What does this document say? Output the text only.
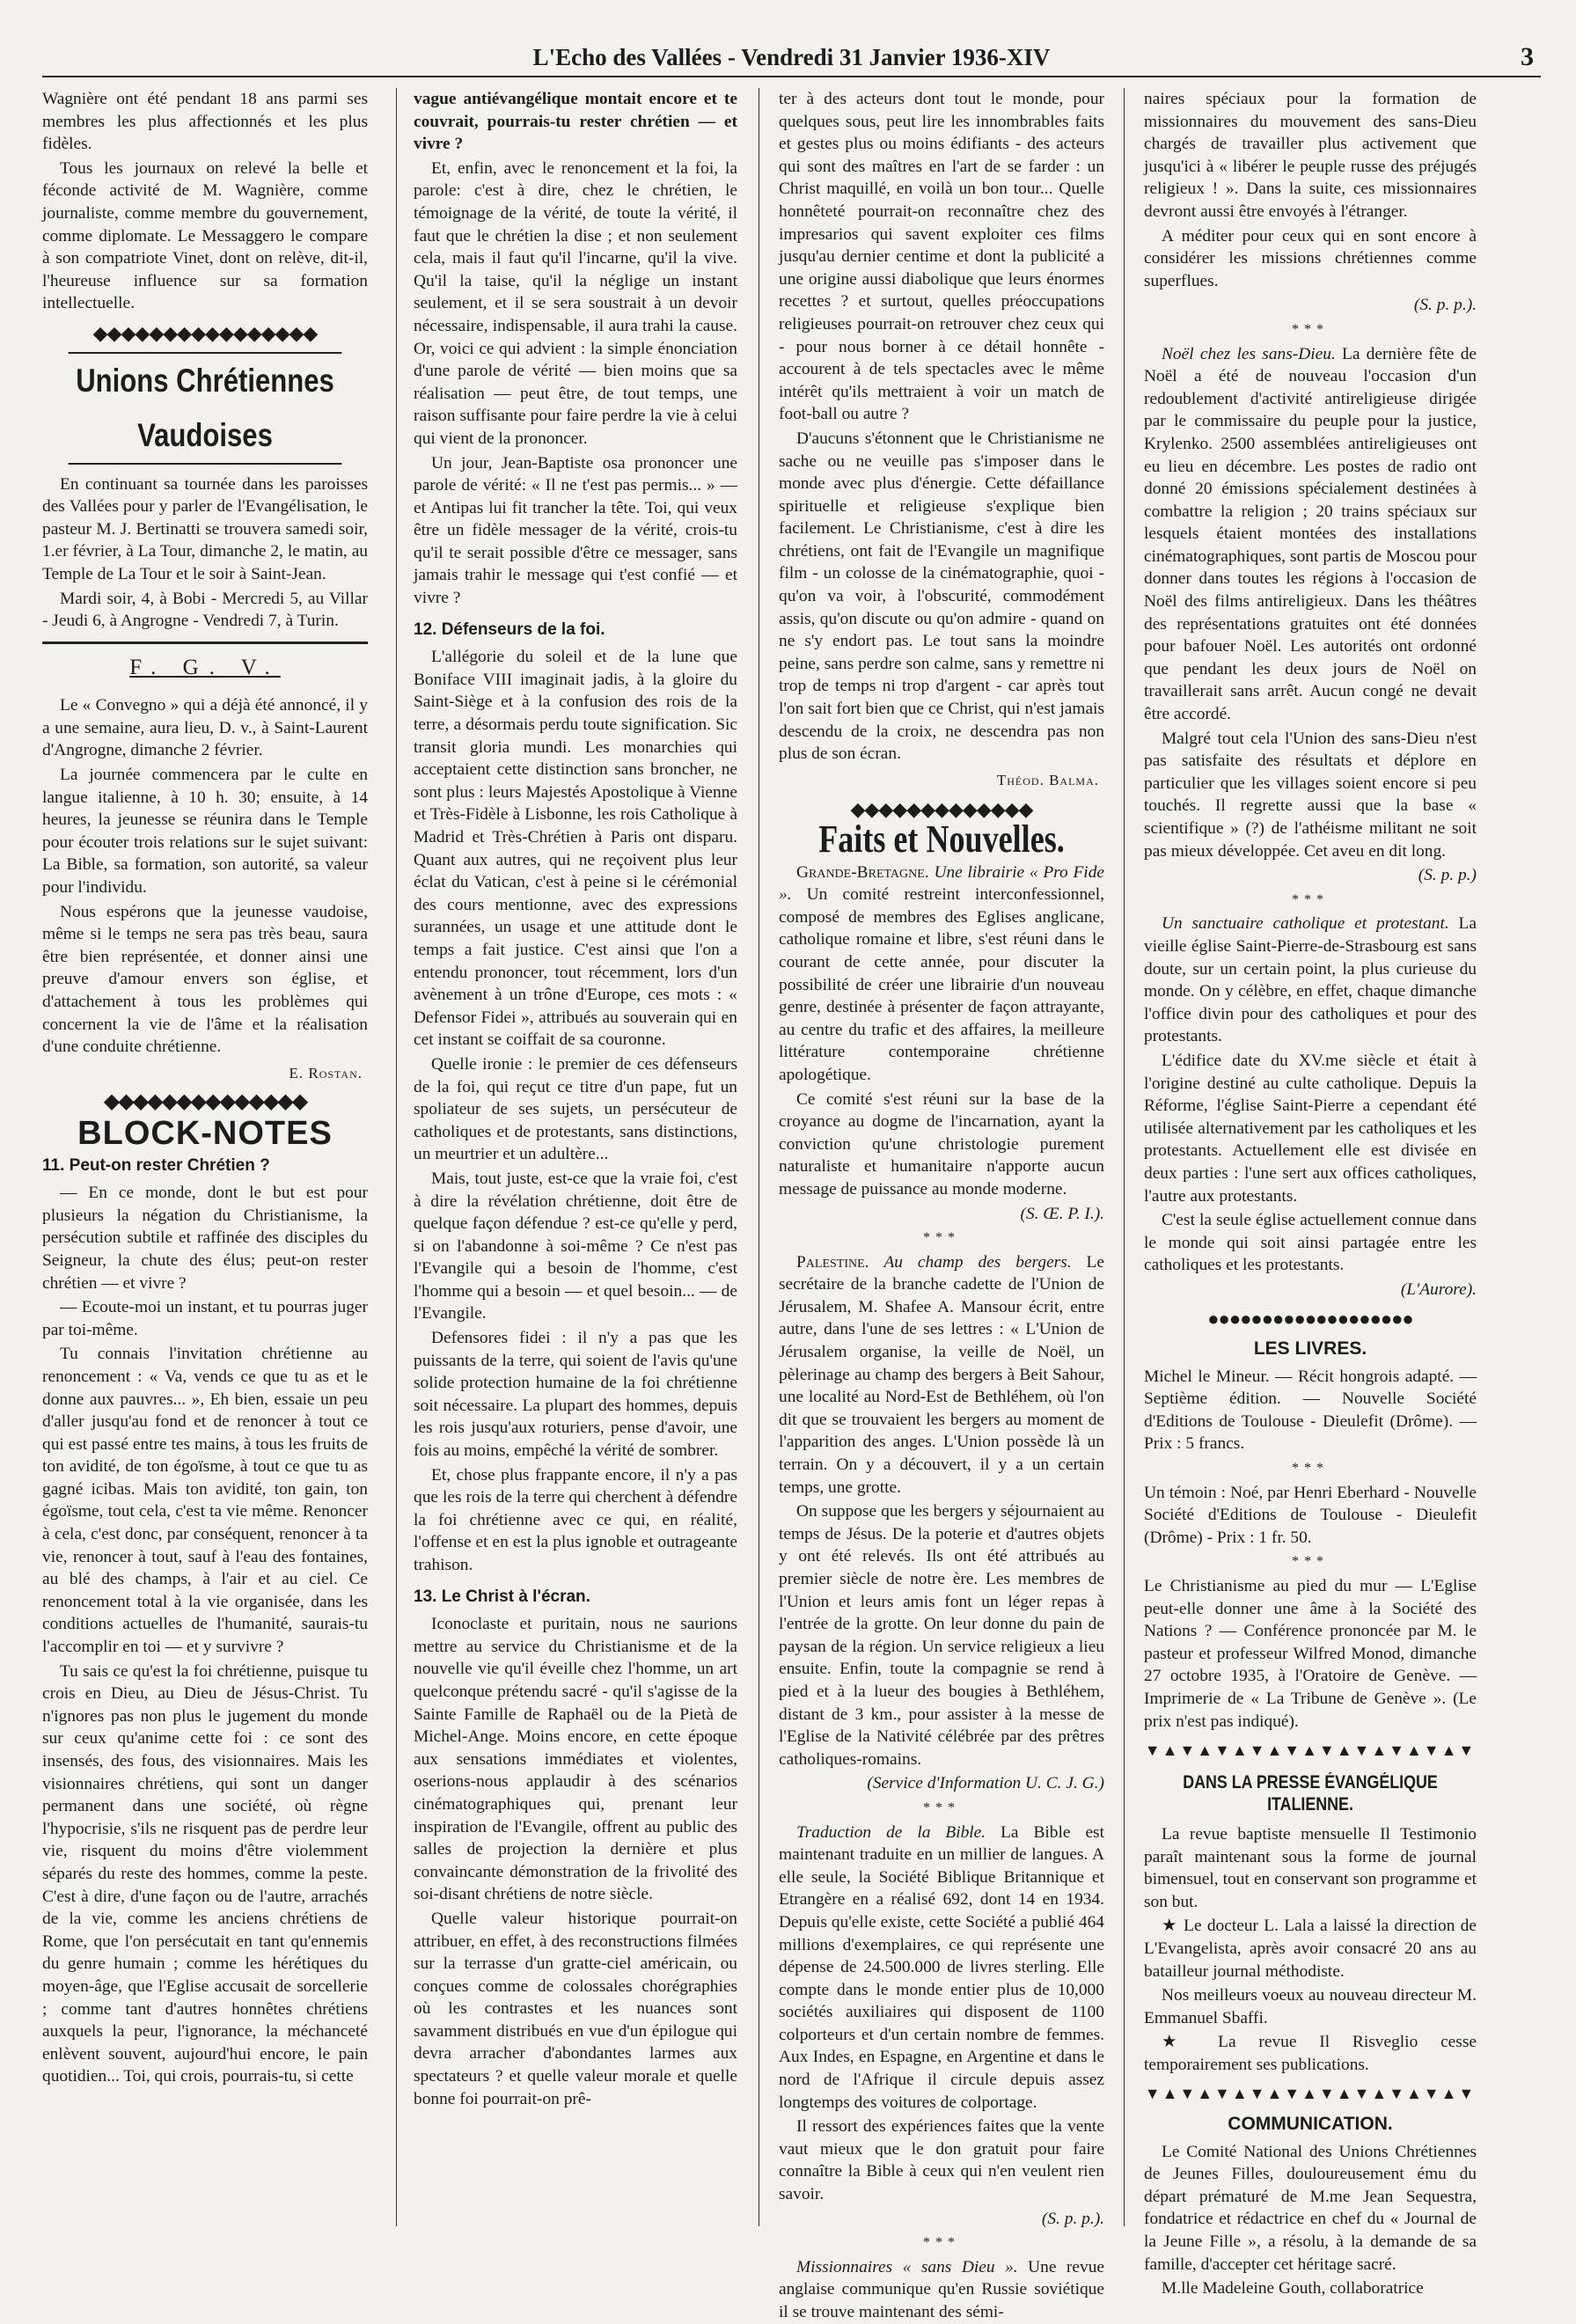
L'Echo des Vallées - Vendredi 31 Janvier 1936-XIV	3

Wagnière ont été pendant 18 ans parmi ses membres les plus affectionnés et les plus fidèles.

Tous les journaux on relevé la belle et féconde activité de M. Wagnière, comme journaliste, comme membre du gouvernement, comme diplomate. Le Messaggero le compare à son compatriote Vinet, dont on relève, dit-il, l'heureuse influence sur sa formation intellectuelle.

◆◆◆◆◆◆◆◆◆◆◆◆◆◆◆◆
Unions Chrétiennes Vaudoises

En continuant sa tournée dans les paroisses des Vallées pour y parler de l'Evangélisation, le pasteur M. J. Bertinatti se trouvera samedi soir, 1.er février, à La Tour, dimanche 2, le matin, au Temple de La Tour et le soir à Saint-Jean.

Mardi soir, 4, à Bobi - Mercredi 5, au Villar - Jeudi 6, à Angrogne - Vendredi 7, à Turin.

F. G. V.

Le « Convegno » qui a déjà été annoncé, il y a une semaine, aura lieu, D. v., à Saint-Laurent d'Angrogne, dimanche 2 février.

La journée commencera par le culte en langue italienne, à 10 h. 30; ensuite, à 14 heures, la jeunesse se réunira dans le Temple pour écouter trois relations sur le sujet suivant: La Bible, sa formation, son autorité, sa valeur pour l'individu.

Nous espérons que la jeunesse vaudoise, même si le temps ne sera pas très beau, saura être bien représentée, et donner ainsi une preuve d'amour envers son église, et d'attachement à tous les problèmes qui concernent la vie de l'âme et la réalisation d'une conduite chrétienne.

E. Rostan.

◆◆◆◆◆◆◆◆◆◆◆◆◆◆
BLOCK-NOTES
11. Peut-on rester Chrétien ?

— En ce monde, dont le but est pour plusieurs la négation du Christianisme, la persécution subtile et raffinée des disciples du Seigneur, la chute des élus; peut-on rester chrétien — et vivre ?

— Ecoute-moi un instant, et tu pourras juger par toi-même.

Tu connais l'invitation chrétienne au renoncement : « Va, vends ce que tu as et le donne aux pauvres... », Eh bien, essaie un peu d'aller jusqu'au fond et de renoncer à tout ce qui est passé entre tes mains, à tous les fruits de ton avidité, de ton égoïsme, à tout ce que tu as gagné icibas. Mais ton avidité, ton gain, ton égoïsme, tout cela, c'est ta vie même. Renoncer à cela, c'est donc, par conséquent, renoncer à ta vie, renoncer à tout, sauf à l'eau des fontaines, au blé des champs, à l'air et au ciel. Ce renoncement total à la vie organisée, dans les conditions actuelles de l'humanité, saurais-tu l'accomplir en toi — et y survivre ?

Tu sais ce qu'est la foi chrétienne, puisque tu crois en Dieu, au Dieu de Jésus-Christ. Tu n'ignores pas non plus le jugement du monde sur ceux qu'anime cette foi : ce sont des insensés, des fous, des visionnaires. Mais les visionnaires chrétiens, qui sont un danger permanent dans une société, où règne l'hypocrisie, s'ils ne risquent pas de perdre leur vie, risquent du moins d'être violemment séparés du reste des hommes, comme la peste. C'est à dire, d'une façon ou de l'autre, arrachés de la vie, comme les anciens chrétiens de Rome, que l'on persécutait en tant qu'ennemis du genre humain ; comme les hérétiques du moyen-âge, que l'Eglise accusait de sorcellerie ; comme tant d'autres honnêtes chrétiens auxquels la peur, l'ignorance, la méchanceté enlèvent souvent, aujourd'hui encore, le pain quotidien... Toi, qui crois, pourrais-tu, si cette

vague antiévangélique montait encore et te couvrait, pourrais-tu rester chrétien — et vivre ?

Et, enfin, avec le renoncement et la foi, la parole: c'est à dire, chez le chrétien, le témoignage de la vérité, de toute la vérité, il faut que le chrétien la dise ; et non seulement cela, mais il faut qu'il l'incarne, qu'il la vive. Qu'il la taise, qu'il la néglige un instant seulement, et il se sera soustrait à un devoir nécessaire, indispensable, il aura trahi la cause. Or, voici ce qui advient : la simple énonciation d'une parole de vérité — bien moins que sa réalisation — peut être, de tout temps, une raison suffisante pour faire perdre la vie à celui qui vient de la prononcer.

Un jour, Jean-Baptiste osa prononcer une parole de vérité: « Il ne t'est pas permis... » — et Antipas lui fit trancher la tête. Toi, qui veux être un fidèle messager de la vérité, crois-tu qu'il te serait possible d'être ce messager, sans jamais trahir le message qui t'est confié — et vivre ?

12. Défenseurs de la foi.

L'allégorie du soleil et de la lune que Boniface VIII imaginait jadis, à la gloire du Saint-Siège et à la confusion des rois de la terre, a désormais perdu toute signification. Sic transit gloria mundi. Les monarchies qui acceptaient cette distinction sans broncher, ne sont plus : leurs Majestés Apostolique à Vienne et Très-Fidèle à Lisbonne, les rois Catholique à Madrid et Très-Chrétien à Paris ont disparu. Quant aux autres, qui ne reçoivent plus leur éclat du Vatican, c'est à peine si le cérémonial des cours mentionne, avec des expressions surannées, un usage et une attitude dont le temps a fait justice. C'est ainsi que l'on a entendu prononcer, tout récemment, lors d'un avènement à un trône d'Europe, ces mots : « Defensor Fidei », attribués au souverain qui en cet instant se coiffait de sa couronne.

Quelle ironie : le premier de ces défenseurs de la foi, qui reçut ce titre d'un pape, fut un spoliateur de ses sujets, un persécuteur de catholiques et de protestants, sans distinctions, un meurtrier et un adultère...

Mais, tout juste, est-ce que la vraie foi, c'est à dire la révélation chrétienne, doit être de quelque façon défendue ? est-ce qu'elle y perd, si on l'abandonne à soi-même ? Ce n'est pas l'Evangile qui a besoin de l'homme, c'est l'homme qui a besoin — et quel besoin... — de l'Evangile.

Defensores fidei : il n'y a pas que les puissants de la terre, qui soient de l'avis qu'une solide protection humaine de la foi chrétienne soit nécessaire. La plupart des hommes, depuis les rois jusqu'aux roturiers, pense d'avoir, une fois au moins, empêché la vérité de sombrer.

Et, chose plus frappante encore, il n'y a pas que les rois de la terre qui cherchent à défendre la foi chrétienne avec ce qui, en réalité, l'offense et en est la plus ignoble et outrageante trahison.

13. Le Christ à l'écran.

Iconoclaste et puritain, nous ne saurions mettre au service du Christianisme et de la nouvelle vie qu'il éveille chez l'homme, un art quelconque prétendu sacré - qu'il s'agisse de la Sainte Famille de Raphaël ou de la Pietà de Michel-Ange. Moins encore, en cette époque aux sensations immédiates et violentes, oserions-nous applaudir à des scénarios cinématographiques qui, prenant leur inspiration de l'Evangile, offrent au public des salles de projection la dernière et plus convaincante démonstration de la frivolité des soi-disant chrétiens de notre siècle.

Quelle valeur historique pourrait-on attribuer, en effet, à des reconstructions filmées sur la terrasse d'un gratte-ciel américain, ou conçues comme de colossales chorégraphies où les contrastes et les nuances sont savamment distribués en vue d'un épilogue qui devra arracher d'abondantes larmes aux spectateurs ? et quelle valeur morale et quelle bonne foi pourrait-on prê-

ter à des acteurs dont tout le monde, pour quelques sous, peut lire les innombrables faits et gestes plus ou moins édifiants - des acteurs qui sont des maîtres en l'art de se farder : un Christ maquillé, en voilà un bon tour... Quelle honnêteté pourrait-on reconnaître chez des impresarios qui savent exploiter ces films jusqu'au dernier centime et dont la publicité a une origine aussi diabolique que leurs énormes recettes ? et surtout, quelles préoccupations religieuses pourrait-on retrouver chez ceux qui - pour nous borner à ce détail honnête - accourent à de tels spectacles avec le même intérêt qu'ils mettraient à voir un match de foot-ball ou autre ?

D'aucuns s'étonnent que le Christianisme ne sache ou ne veuille pas s'imposer dans le monde avec plus d'énergie. Cette défaillance spirituelle et religieuse s'explique bien facilement. Le Christianisme, c'est à dire les chrétiens, ont fait de l'Evangile un magnifique film - un colosse de la cinématographie, quoi - qu'on va voir, à l'obscurité, commodément assis, qu'on discute ou qu'on admire - quand on ne s'y endort pas. Le tout sans la moindre peine, sans perdre son calme, sans y remettre ni trop de temps ni trop d'argent - car après tout l'on sait fort bien que ce Christ, qui n'est jamais descendu de la croix, ne descendra pas non plus de son écran.

Théod. Balma.

◆◆◆◆◆◆◆◆◆◆◆◆◆
Faits et Nouvelles.

Grande-Bretagne. Une librairie « Pro Fide ». Un comité restreint interconfessionnel, composé de membres des Eglises anglicane, catholique romaine et libre, s'est réuni dans le courant de cette année, pour discuter la possibilité de créer une librairie d'un nouveau genre, destinée à présenter de façon attrayante, au centre du trafic et des affaires, la meilleure littérature contemporaine chrétienne apologétique.

Ce comité s'est réuni sur la base de la croyance au dogme de l'incarnation, ayant la conviction qu'une christologie purement naturaliste et humanitaire n'apporte aucun message de puissance au monde moderne.

(S. Œ. P. I.).

***

Palestine. Au champ des bergers. Le secrétaire de la branche cadette de l'Union de Jérusalem, M. Shafee A. Mansour écrit, entre autre, dans l'une de ses lettres : « L'Union de Jérusalem organise, la veille de Noël, un pèlerinage au champ des bergers à Beit Sahour, une localité au Nord-Est de Bethléhem, où l'on dit que se trouvaient les bergers au moment de l'apparition des anges. L'Union possède là un terrain. On y a découvert, il y a un certain temps, une grotte.

On suppose que les bergers y séjournaient au temps de Jésus. De la poterie et d'autres objets y ont été relevés. Ils ont été attribués au premier siècle de notre ère. Les membres de l'Union et leurs amis font un léger repas à l'entrée de la grotte. On leur donne du pain de paysan de la région. Un service religieux a lieu ensuite. Enfin, toute la compagnie se rend à pied et à la lueur des bougies à Bethléhem, distant de 3 km., pour assister à la messe de l'Eglise de la Nativité célébrée par des prêtres catholiques-romains.

(Service d'Information U. C. J. G.)

***

Traduction de la Bible. La Bible est maintenant traduite en un millier de langues. A elle seule, la Société Biblique Britannique et Etrangère en a réalisé 692, dont 14 en 1934. Depuis qu'elle existe, cette Société a publié 464 millions d'exemplaires, ce qui représente une dépense de 24.500.000 de livres sterling. Elle compte dans le monde entier plus de 10,000 sociétés auxiliaires qui disposent de 1100 colporteurs et d'un certain nombre de femmes. Aux Indes, en Espagne, en Argentine et dans le nord de l'Afrique il circule depuis assez longtemps des voitures de colportage.

Il ressort des expériences faites que la vente vaut mieux que le don gratuit pour faire connaître la Bible à ceux qui n'en veulent rien savoir.

(S. p. p.).

***

Missionnaires « sans Dieu ». Une revue anglaise communique qu'en Russie soviétique il se trouve maintenant des sémi-

naires spéciaux pour la formation de missionnaires du mouvement des sans-Dieu chargés de travailler plus activement que jusqu'ici à « libérer le peuple russe des préjugés religieux ! ». Dans la suite, ces missionnaires devront aussi être envoyés à l'étranger.

A méditer pour ceux qui en sont encore à considérer les missions chrétiennes comme superflues.

(S. p. p.).

***

Noël chez les sans-Dieu. La dernière fête de Noël a été de nouveau l'occasion d'un redoublement d'activité antireligieuse dirigée par le commissaire du peuple pour la justice, Krylenko. 2500 assemblées antireligieuses ont eu lieu en décembre. Les postes de radio ont donné 20 émissions spécialement destinées à combattre la religion ; 20 trains spéciaux sur lesquels étaient montées des installations cinématographiques, sont partis de Moscou pour donner dans toutes les régions à l'occasion de Noël des films antireligieux. Dans les théâtres des représentations gratuites ont été données pour bafouer Noël. Les autorités ont ordonné que pendant les deux jours de Noël on travaillerait sans arrêt. Aucun congé ne devait être accordé.

Malgré tout cela l'Union des sans-Dieu n'est pas satisfaite des résultats et déplore en particulier que les villages soient encore si peu touchés. Il regrette aussi que la base « scientifique » (?) de l'athéisme militant ne soit pas mieux développée. Cet aveu en dit long.

(S. p. p.)

***

Un sanctuaire catholique et protestant. La vieille église Saint-Pierre-de-Strasbourg est sans doute, sur un certain point, la plus curieuse du monde. On y célèbre, en effet, chaque dimanche l'office divin pour des catholiques et pour des protestants.

L'édifice date du XV.me siècle et était à l'origine destiné au culte catholique. Depuis la Réforme, l'église Saint-Pierre a cependant été utilisée alternativement par les catholiques et les protestants. Actuellement elle est divisée en deux parties : l'une sert aux offices catholiques, l'autre aux protestants.

C'est la seule église actuellement connue dans le monde qui soit ainsi partagée entre les catholiques et les protestants.

(L'Aurore).

●●●●●●●●●●●●●●●●●●●
LES LIVRES.

Michel le Mineur. — Récit hongrois adapté. — Septième édition. — Nouvelle Société d'Editions de Toulouse - Dieulefit (Drôme). — Prix : 5 francs.

***

Un témoin : Noé, par Henri Eberhard - Nouvelle Société d'Editions de Toulouse - Dieulefit (Drôme) - Prix : 1 fr. 50.

***

Le Christianisme au pied du mur — L'Eglise peut-elle donner une âme à la Société des Nations ? — Conférence prononcée par M. le pasteur et professeur Wilfred Monod, dimanche 27 octobre 1935, à l'Oratoire de Genève. — Imprimerie de « La Tribune de Genève ». (Le prix n'est pas indiqué).

▼▲▼▲▼▲▼▲▼▲▼▲▼▲▼▲▼▲▼
DANS LA PRESSE ÉVANGÉLIQUE ITALIENNE.

La revue baptiste mensuelle Il Testimonio paraît maintenant sous la forme de journal bimensuel, tout en conservant son programme et son but.

★ Le docteur L. Lala a laissé la direction de L'Evangelista, après avoir consacré 20 ans au batailleur journal méthodiste.

Nos meilleurs voeux au nouveau directeur M. Emmanuel Sbaffi.

★ La revue Il Risveglio cesse temporairement ses publications.

▼▲▼▲▼▲▼▲▼▲▼▲▼▲▼▲▼▲▼
COMMUNICATION.

Le Comité National des Unions Chrétiennes de Jeunes Filles, douloureusement ému du départ prématuré de M.me Jean Sequestra, fondatrice et rédactrice en chef du « Journal de la Jeune Fille », a résolu, à la demande de sa famille, d'accepter cet héritage sacré.

M.lle Madeleine Gouth, collaboratrice
